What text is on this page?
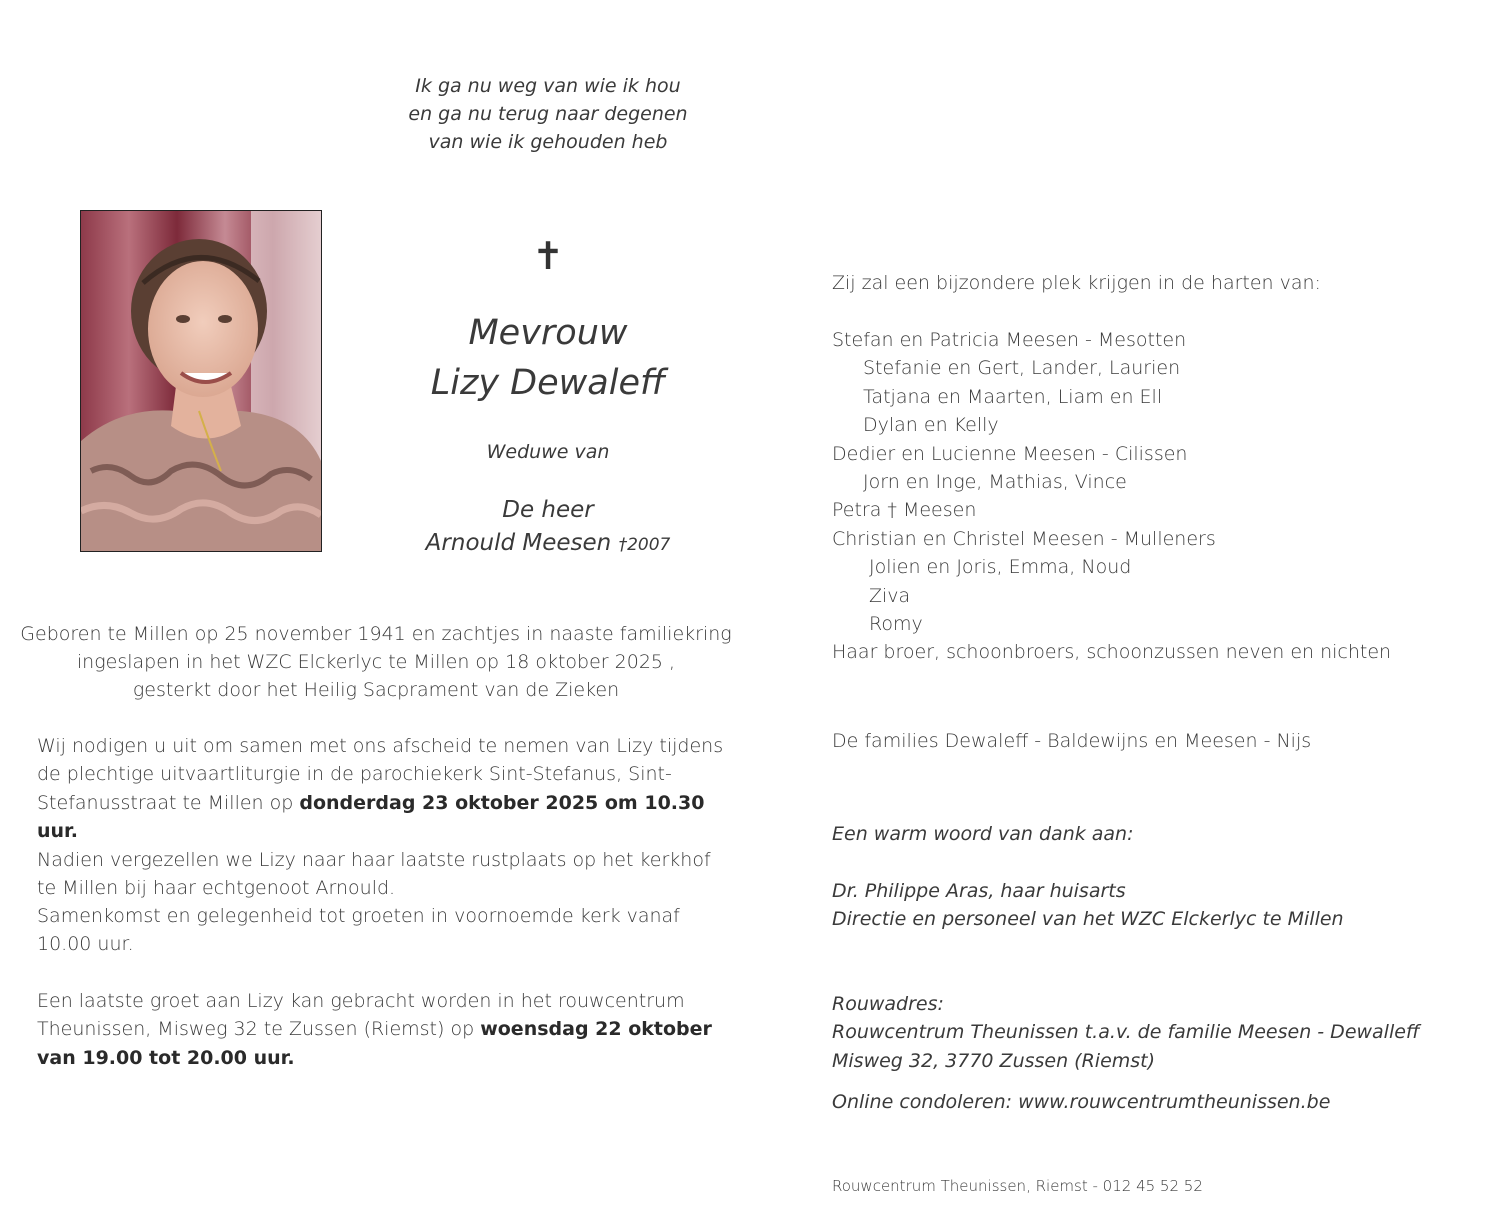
Ik ga nu weg van wie ik hou
en ga nu terug naar degenen
van wie ik gehouden heb
✝
Mevrouw
Lizy Dewaleff
Weduwe van
De heer
Arnould Meesen †2007
Geboren te Millen op 25 november 1941 en zachtjes in naaste familiekring
ingeslapen in het WZC Elckerlyc te Millen op 18 oktober 2025 ,
gesterkt door het Heilig Sacprament van de Zieken
Wij nodigen u uit om samen met ons afscheid te nemen van Lizy tijdens
de plechtige uitvaartliturgie in de parochiekerk Sint-Stefanus, Sint-
Stefanusstraat te Millen op donderdag 23 oktober 2025 om 10.30 uur.
Nadien vergezellen we Lizy naar haar laatste rustplaats op het kerkhof
te Millen bij haar echtgenoot Arnould.
Samenkomst en gelegenheid tot groeten in voornoemde kerk vanaf
10.00 uur.
Een laatste groet aan Lizy kan gebracht worden in het rouwcentrum
Theunissen, Misweg 32 te Zussen (Riemst) op woensdag 22 oktober
van 19.00 tot 20.00 uur.
Zij zal een bijzondere plek krijgen in de harten van:
Stefan en Patricia Meesen - Mesotten
Stefanie en Gert, Lander, Laurien
Tatjana en Maarten, Liam en Ell
Dylan en Kelly
Dedier en Lucienne Meesen - Cilissen
Jorn en Inge, Mathias, Vince
Petra † Meesen
Christian en Christel Meesen - Mulleners
Jolien en Joris, Emma, Noud
Ziva
Romy
Haar broer, schoonbroers, schoonzussen neven en nichten
De families Dewaleff - Baldewijns en Meesen - Nijs
Een warm woord van dank aan:
Dr. Philippe Aras, haar huisarts
Directie en personeel van het WZC Elckerlyc te Millen
Rouwadres:
Rouwcentrum Theunissen t.a.v. de familie Meesen - Dewalleff
Misweg 32, 3770 Zussen (Riemst)
Online condoleren: www.rouwcentrumtheunissen.be
Rouwcentrum Theunissen, Riemst - 012 45 52 52
